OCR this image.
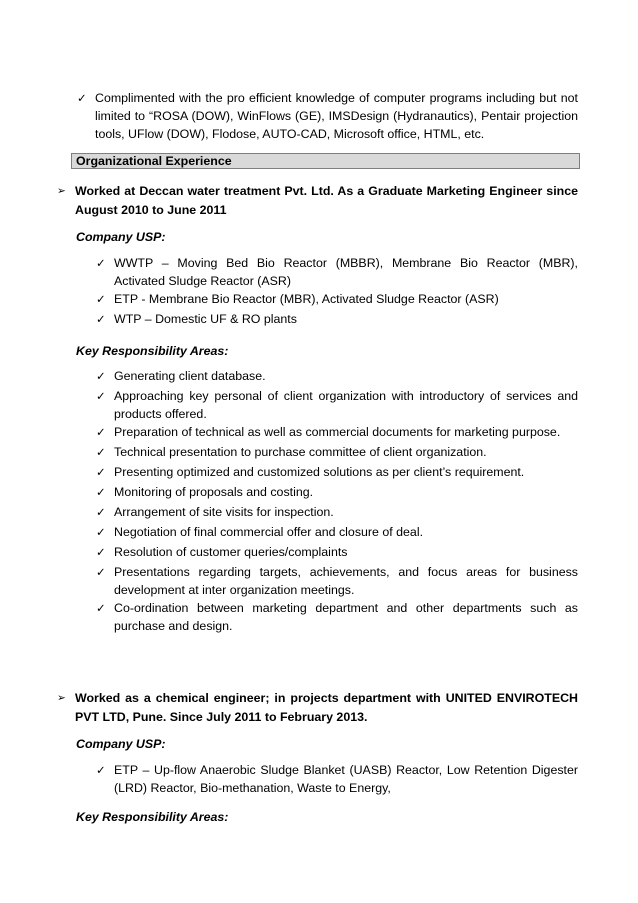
✓ Complimented with the pro efficient knowledge of computer programs including but not limited to “ROSA (DOW), WinFlows (GE), IMSDesign (Hydranautics), Pentair projection tools, UFlow (DOW), Flodose, AUTO-CAD, Microsoft office, HTML, etc.
Organizational Experience
➢ Worked at Deccan water treatment Pvt. Ltd. As a Graduate Marketing Engineer since August 2010 to June 2011
Company USP:
✓ WWTP – Moving Bed Bio Reactor (MBBR), Membrane Bio Reactor (MBR), Activated Sludge Reactor (ASR)
✓ ETP - Membrane Bio Reactor (MBR), Activated Sludge Reactor (ASR)
✓ WTP – Domestic UF & RO plants
Key Responsibility Areas:
✓ Generating client database.
✓ Approaching key personal of client organization with introductory of services and products offered.
✓ Preparation of technical as well as commercial documents for marketing purpose.
✓ Technical presentation to purchase committee of client organization.
✓ Presenting optimized and customized solutions as per client’s requirement.
✓ Monitoring of proposals and costing.
✓ Arrangement of site visits for inspection.
✓ Negotiation of final commercial offer and closure of deal.
✓ Resolution of customer queries/complaints
✓ Presentations regarding targets, achievements, and focus areas for business development at inter organization meetings.
✓ Co-ordination between marketing department and other departments such as purchase and design.
➢ Worked as a chemical engineer; in projects department with UNITED ENVIROTECH PVT LTD, Pune. Since July 2011 to February 2013.
Company USP:
✓ ETP – Up-flow Anaerobic Sludge Blanket (UASB) Reactor, Low Retention Digester (LRD) Reactor, Bio-methanation, Waste to Energy,
Key Responsibility Areas:
